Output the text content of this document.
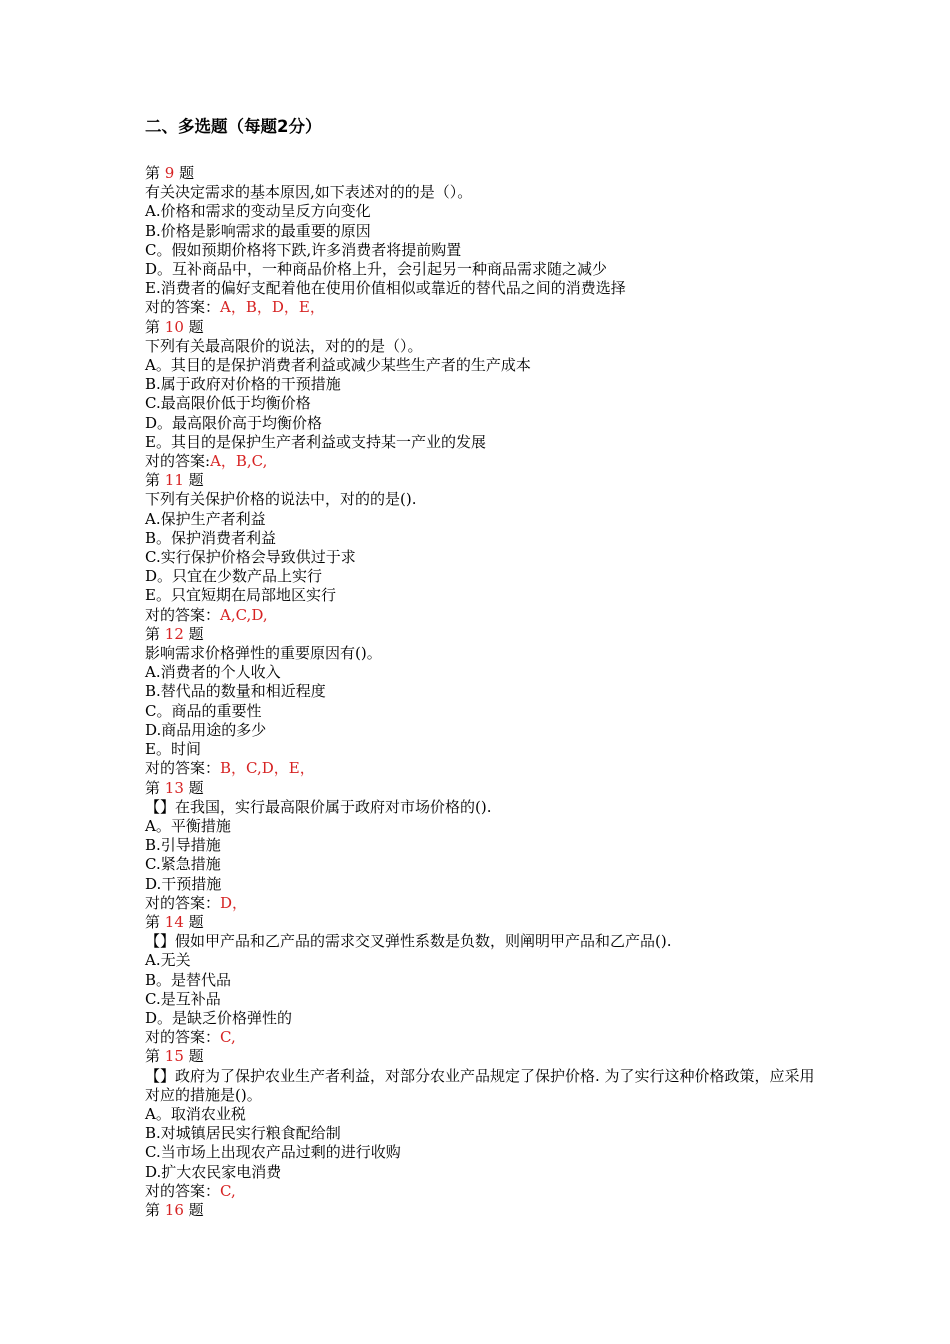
二、多选题（每题2分）
第 9 题
有关决定需求的基本原因,如下表述对的的是（）。
A.价格和需求的变动呈反方向变化
B.价格是影响需求的最重要的原因
C。假如预期价格将下跌,许多消费者将提前购置
D。互补商品中，一种商品价格上升，会引起另一种商品需求随之减少
E.消费者的偏好支配着他在使用价值相似或靠近的替代品之间的消费选择
对的答案：A，B，D，E，
第 10 题
下列有关最高限价的说法，对的的是（）。
A。其目的是保护消费者利益或减少某些生产者的生产成本
B.属于政府对价格的干预措施
C.最高限价低于均衡价格
D。最高限价高于均衡价格
E。其目的是保护生产者利益或支持某一产业的发展
对的答案:A，B,C,
第 11 题
下列有关保护价格的说法中，对的的是().
A.保护生产者利益
B。保护消费者利益
C.实行保护价格会导致供过于求
D。只宜在少数产品上实行
E。只宜短期在局部地区实行
对的答案：A,C,D,
第 12 题
影响需求价格弹性的重要原因有()。
A.消费者的个人收入
B.替代品的数量和相近程度
C。商品的重要性
D.商品用途的多少
E。时间
对的答案：B，C,D，E，
第 13 题
【】在我国，实行最高限价属于政府对市场价格的().
A。平衡措施
B.引导措施
C.紧急措施
D.干预措施
对的答案：D，
第 14 题
【】假如甲产品和乙产品的需求交叉弹性系数是负数，则阐明甲产品和乙产品().
A.无关
B。是替代品
C.是互补品
D。是缺乏价格弹性的
对的答案：C,
第 15 题
【】政府为了保护农业生产者利益，对部分农业产品规定了保护价格. 为了实行这种价格政策，应采用对应的措施是()。
A。取消农业税
B.对城镇居民实行粮食配给制
C.当市场上出现农产品过剩的进行收购
D.扩大农民家电消费
对的答案：C,
第 16 题
